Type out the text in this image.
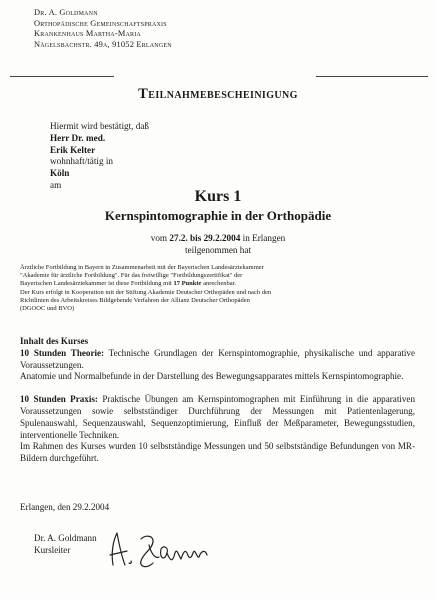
Dr. A. Goldmann
Orthopädische Gemeinschaftspraxis
Krankenhaus Martha-Maria
Nägelsbachstr. 49a, 91052 Erlangen
Teilnahmebescheinigung
Hiermit wird bestätigt, daß
Herr Dr. med.
Erik Kelter
wohnhaft/tätig in
Köln
am
Kurs 1
Kernspintomographie in der Orthopädie
vom 27.2. bis 29.2.2004 in Erlangen
teilgenommen hat
Ärztliche Fortbildung in Bayern in Zusammenarbeit mit der Bayerischen Landesärztekammer
"Akademie für ärztliche Fortbildung". Für das freiwillige "Fortbildungszertifikat" der
Bayerischen Landesärztekammer ist diese Fortbildung mit 17 Punkte anrechenbar.
Der Kurs erfolgt in Kooperation mit der Stiftung Akademie Deutscher Orthopäden und nach den
Richtlinien des Arbeitskreises Bildgebende Verfahren der Allianz Deutscher Orthopäden
(DGOOC und BVO)

Inhalt des Kurses

10 Stunden Theorie: Technische Grundlagen der Kernspintomographie, physikalische und apparative Voraussetzungen.

Anatomie und Normalbefunde in der Darstellung des Bewegungsapparates mittels Kernspintomographie.

10 Stunden Praxis: Praktische Übungen am Kernspintomographen mit Einführung in die apparativen Voraussetzungen sowie selbstständiger Durchführung der Messungen mit Patientenlagerung, Spulenauswahl, Sequenzauswahl, Sequenzoptimierung, Einfluß der Meßparameter, Bewegungsstudien, interventionelle Techniken.

Im Rahmen des Kurses wurden 10 selbstständige Messungen und 50 selbstständige Befundungen von MR-Bildern durchgeführt.

Erlangen, den 29.2.2004
Dr. A. Goldmann
Kursleiter
